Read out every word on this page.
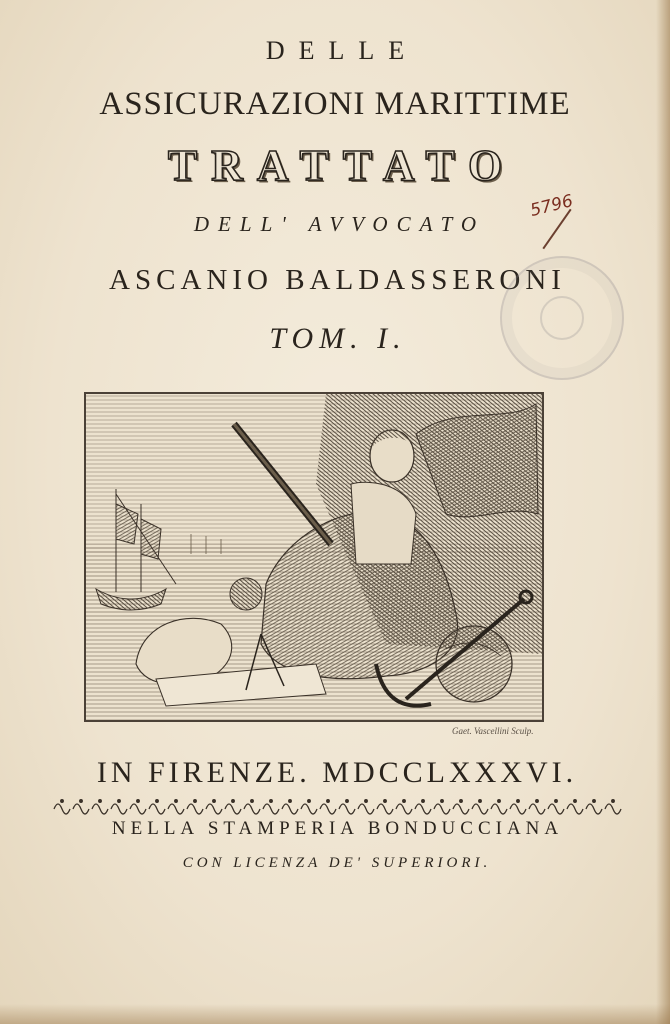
DELLE
ASSICURAZIONI MARITTIME
TRATTATO
DELL' AVVOCATO
ASCANIO BALDASSERONI
TOM. I.
5796
Gaet. Vascellini Sculp.
IN FIRENZE. MDCCLXXXVI.
NELLA STAMPERIA BONDUCCIANA
CON LICENZA DE' SUPERIORI.
